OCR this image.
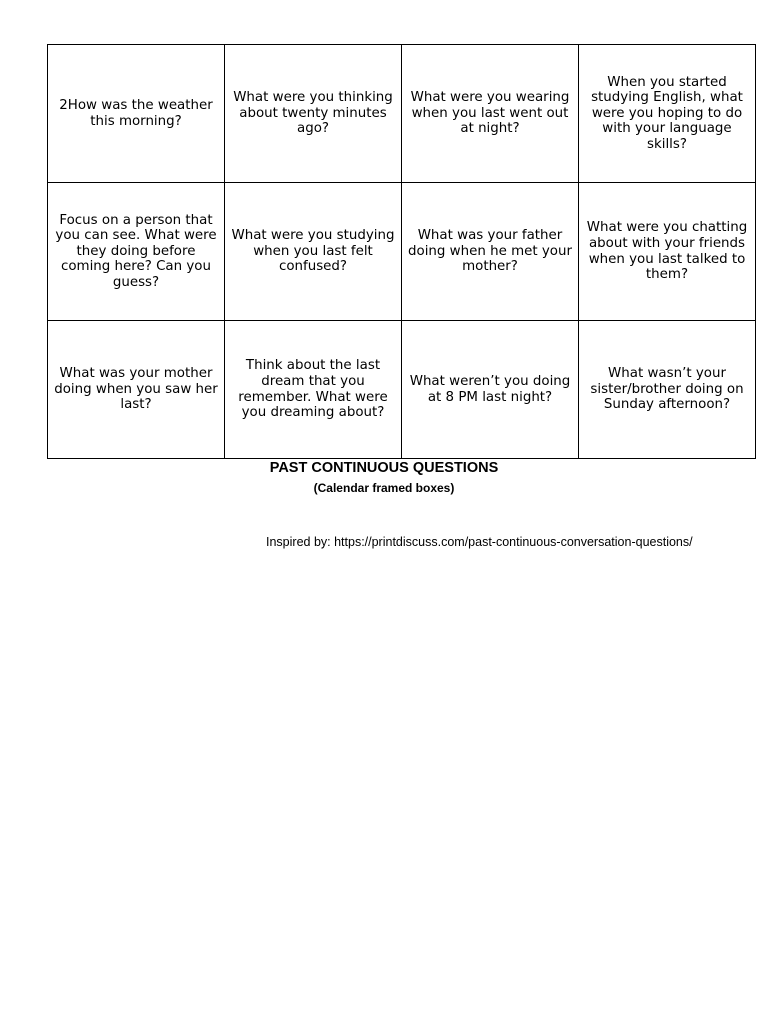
2How was the weather this morning?	What were you thinking about twenty minutes ago?	What were you wearing when you last went out at night?	When you started studying English, what were you hoping to do with your language skills?
Focus on a person that you can see. What were they doing before coming here? Can you guess?	What were you studying when you last felt confused?	What was your father doing when he met your mother?	What were you chatting about with your friends when you last talked to them?
What was your mother doing when you saw her last?	Think about the last dream that you remember. What were you dreaming about?	What weren’t you doing at 8 PM last night?	What wasn’t your sister/brother doing on Sunday afternoon?
PAST CONTINUOUS QUESTIONS
(Calendar framed boxes)
Inspired by: https://printdiscuss.com/past-continuous-conversation-questions/
